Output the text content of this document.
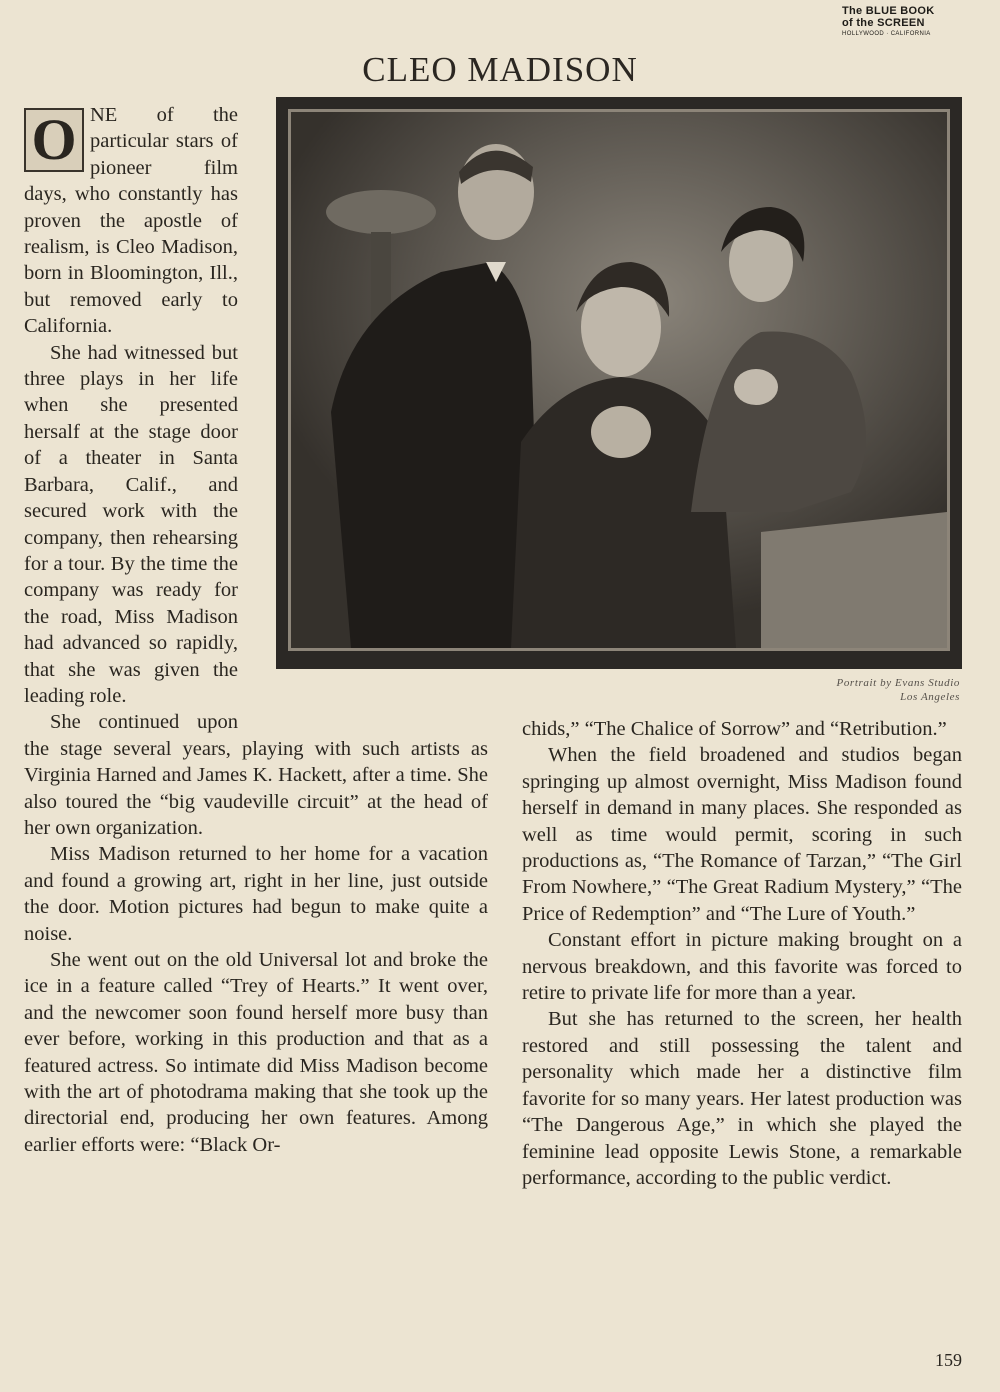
The BLUE BOOK
of the SCREEN
HOLLYWOOD · CALIFORNIA
CLEO MADISON
Portrait by Evans Studio
Los Angeles
O NE of the particular stars of pioneer film days, who constantly has proven the apostle of realism, is Cleo Madison, born in Bloomington, Ill., but removed early to California.

She had witnessed but three plays in her life when she presented hersalf at the stage door of a theater in Santa Barbara, Calif., and secured work with the company, then rehearsing for a tour. By the time the company was ready for the road, Miss Madison had advanced so rapidly, that she was given the leading role.

She continued upon the stage several years, playing with such artists as Virginia Harned and James K. Hackett, after a time. She also toured the “big vaudeville circuit” at the head of her own organization.

Miss Madison returned to her home for a vacation and found a growing art, right in her line, just outside the door. Motion pictures had begun to make quite a noise.

She went out on the old Universal lot and broke the ice in a feature called “Trey of Hearts.” It went over, and the newcomer soon found herself more busy than ever before, working in this production and that as a featured actress. So intimate did Miss Madison become with the art of photodrama making that she took up the directorial end, producing her own features. Among earlier efforts were: “Black Or-

chids,” “The Chalice of Sorrow” and “Retribution.”

When the field broadened and studios began springing up almost overnight, Miss Madison found herself in demand in many places. She responded as well as time would permit, scoring in such productions as, “The Romance of Tarzan,” “The Girl From Nowhere,” “The Great Radium Mystery,” “The Price of Redemption” and “The Lure of Youth.”

Constant effort in picture making brought on a nervous breakdown, and this favorite was forced to retire to private life for more than a year.

But she has returned to the screen, her health restored and still possessing the talent and personality which made her a distinctive film favorite for so many years. Her latest production was “The Dangerous Age,” in which she played the feminine lead opposite Lewis Stone, a remarkable performance, according to the public verdict.

159
